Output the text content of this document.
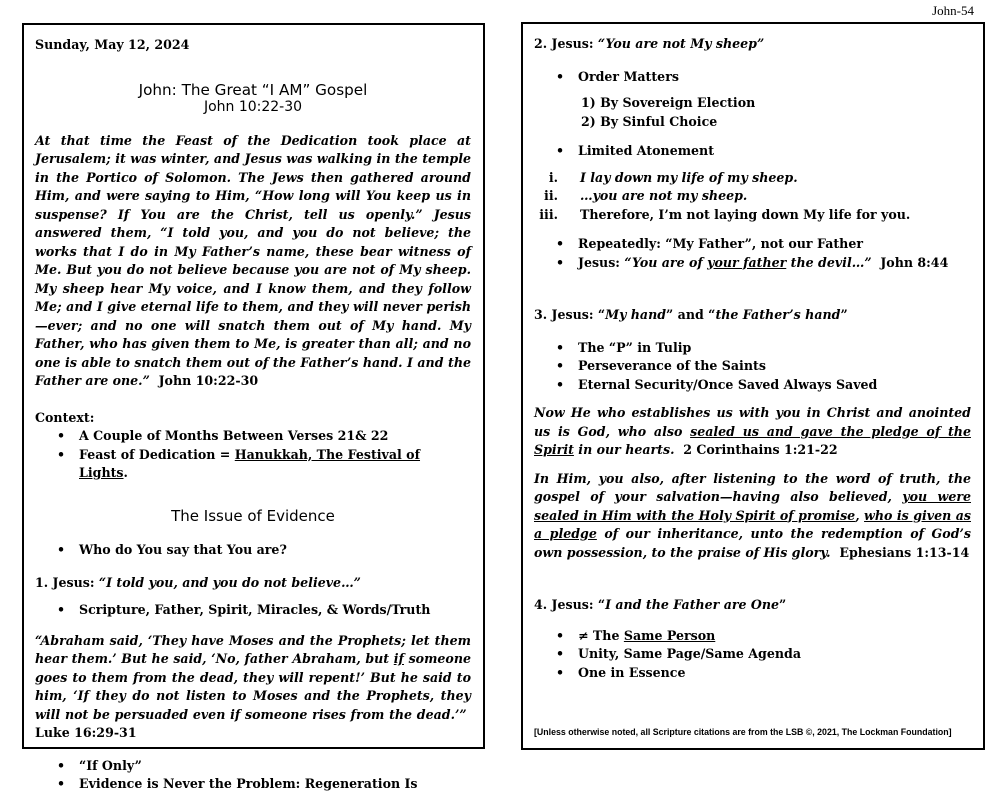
John-54

Sunday, May 12, 2024

John: The Great “I AM” Gospel
John 10:22-30

At that time the Feast of the Dedication took place at Jerusalem; it was winter, and Jesus was walking in the temple in the Portico of Solomon. The Jews then gathered around Him, and were saying to Him, “How long will You keep us in suspense? If You are the Christ, tell us openly.” Jesus answered them, “I told you, and you do not believe; the works that I do in My Father’s name, these bear witness of Me. But you do not believe because you are not of My sheep. My sheep hear My voice, and I know them, and they follow Me; and I give eternal life to them, and they will never perish—ever; and no one will snatch them out of My hand. My Father, who has given them to Me, is greater than all; and no one is able to snatch them out of the Father’s hand. I and the Father are one.” John 10:22-30

Context:
• A Couple of Months Between Verses 21& 22
• Feast of Dedication = Hanukkah, The Festival of Lights.
The Issue of Evidence
• Who do You say that You are?
1. Jesus: “I told you, and you do not believe…”
• Scripture, Father, Spirit, Miracles, & Words/Truth

“Abraham said, ‘They have Moses and the Prophets; let them hear them.’ But he said, ‘No, father Abraham, but if someone goes to them from the dead, they will repent!’ But he said to him, ‘If they do not listen to Moses and the Prophets, they will not be persuaded even if someone rises from the dead.’”  Luke 16:29-31

• “If Only”
• Evidence is Never the Problem: Regeneration Is
2. Jesus: “You are not My sheep”
• Order Matters
1) By Sovereign Election
2) By Sinful Choice
• Limited Atonement
i. I lay down my life of my sheep.
ii. …you are not my sheep.
iii. Therefore, I’m not laying down My life for you.
• Repeatedly: “My Father”, not our Father
• Jesus: “You are of your father the devil…” John 8:44
3. Jesus: “My hand” and “the Father’s hand”
• The “P” in Tulip
• Perseverance of the Saints
• Eternal Security/Once Saved Always Saved

Now He who establishes us with you in Christ and anointed us is God, who also sealed us and gave the pledge of the Spirit in our hearts. 2 Corinthains 1:21-22

In Him, you also, after listening to the word of truth, the gospel of your salvation—having also believed, you were sealed in Him with the Holy Spirit of promise, who is given as a pledge of our inheritance, unto the redemption of God’s own possession, to the praise of His glory. Ephesians 1:13-14

4. Jesus: “I and the Father are One”
• ≠ The Same Person
• Unity, Same Page/Same Agenda
• One in Essence
[Unless otherwise noted, all Scripture citations are from the LSB ©, 2021, The Lockman Foundation]
